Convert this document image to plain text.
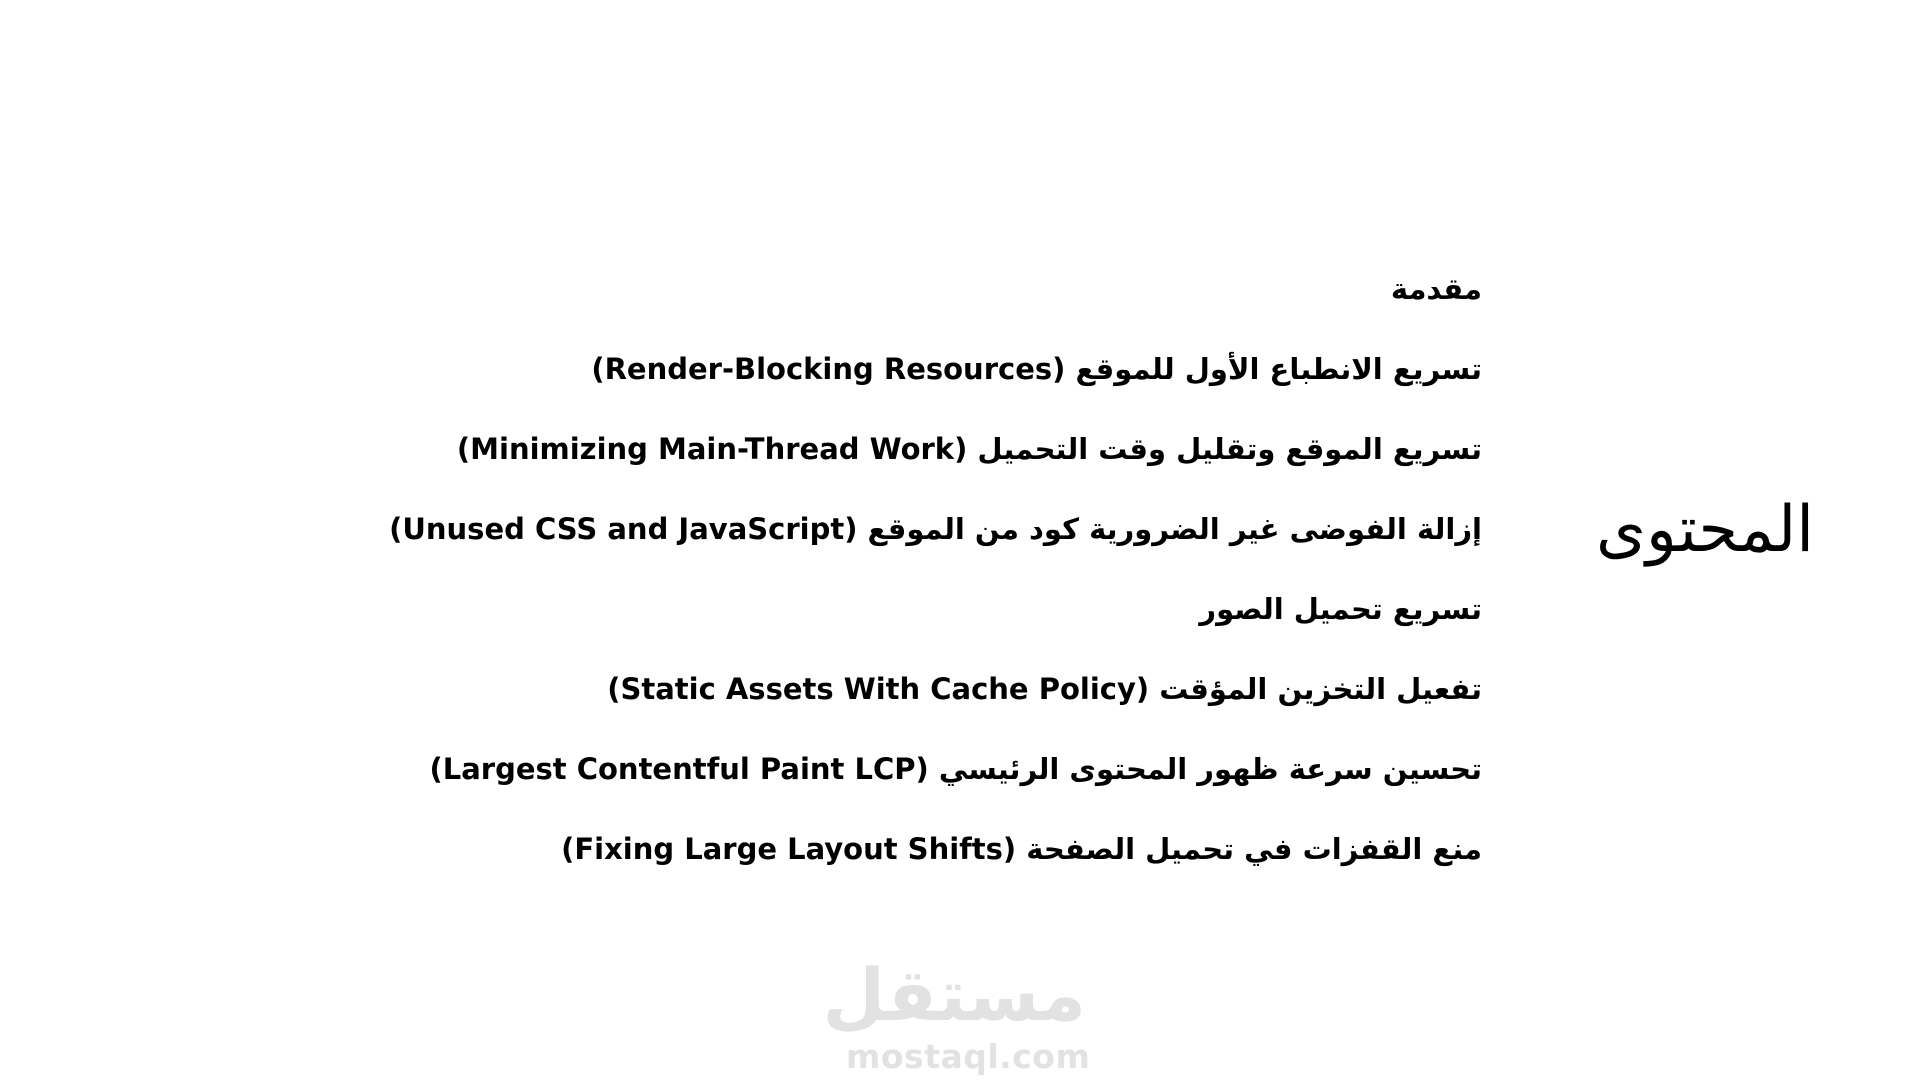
المحتوى
مقدمة
تسريع الانطباع الأول للموقع (Render-Blocking Resources)
تسريع الموقع وتقليل وقت التحميل (Minimizing Main-Thread Work)
إزالة الفوضى غير الضرورية كود من الموقع (Unused CSS and JavaScript)
تسريع تحميل الصور
تفعيل التخزين المؤقت (Static Assets With Cache Policy)
تحسين سرعة ظهور المحتوى الرئيسي (Largest Contentful Paint LCP)
منع القفزات في تحميل الصفحة (Fixing Large Layout Shifts)
مستقل
mostaql.com
